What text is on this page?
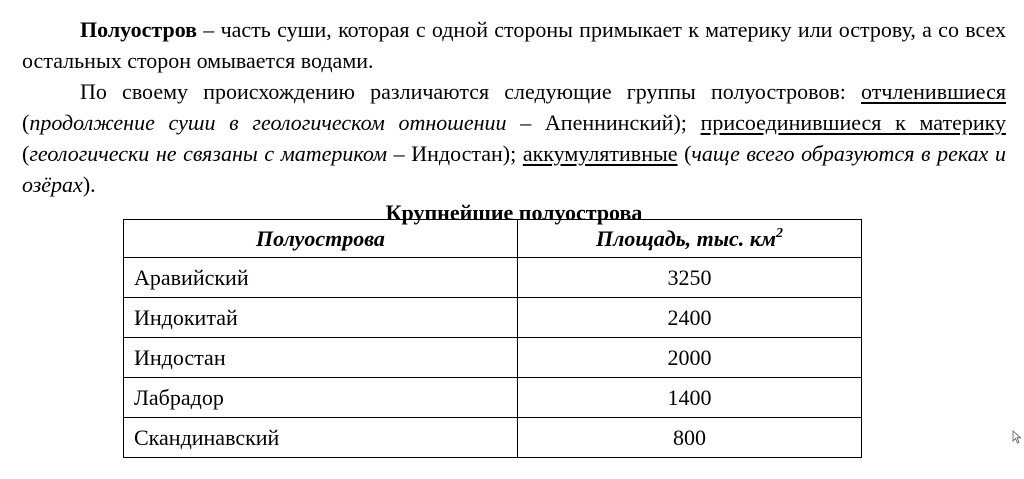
Полуостров – часть суши, которая с одной стороны примыкает к материку или острову, а со всех остальных сторон омывается водами.

По своему происхождению различаются следующие группы полуостровов: отчленившиеся (продолжение суши в геологическом отношении – Апеннинский); присоединившиеся к материку (геологически не связаны с материком – Индостан); аккумулятивные (чаще всего образуются в реках и озёрах).

Крупнейшие полуострова

Полуострова	Площадь, тыс. $км^2$
Аравийский	3250
Индокитай	2400
Индостан	2000
Лабрадор	1400
Скандинавский	800
